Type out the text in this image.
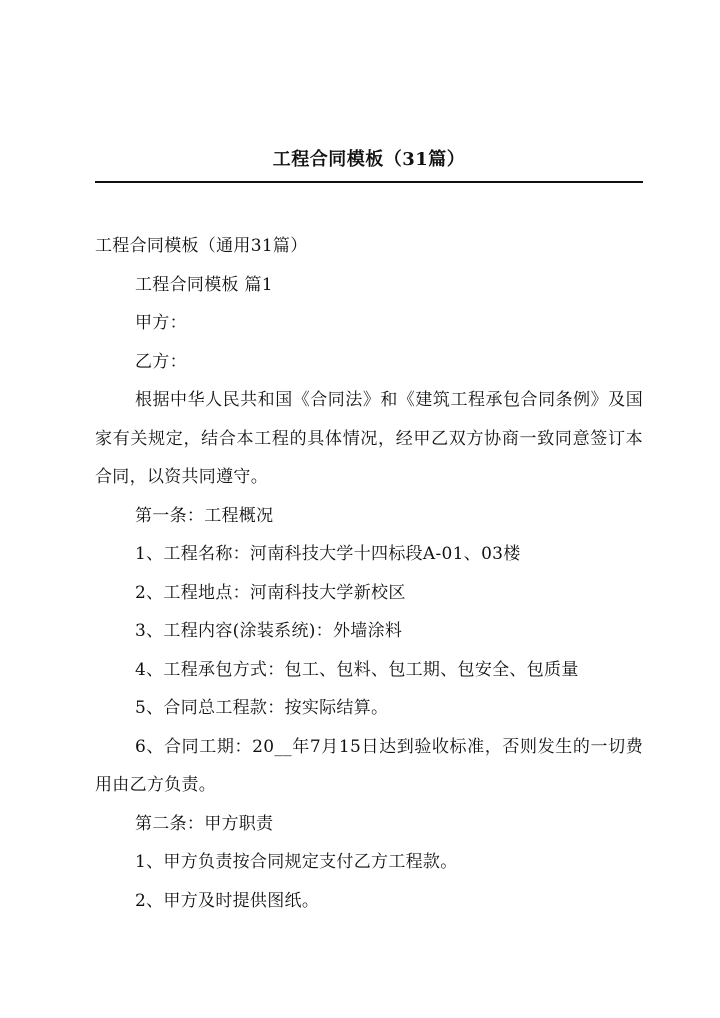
工程合同模板（31篇）

工程合同模板（通用31篇）

工程合同模板 篇1

甲方：

乙方：

根据中华人民共和国《合同法》和《建筑工程承包合同条例》及国家有关规定，结合本工程的具体情况，经甲乙双方协商一致同意签订本合同，以资共同遵守。

第一条：工程概况

1、工程名称：河南科技大学十四标段A-01、03楼

2、工程地点：河南科技大学新校区

3、工程内容(涂装系统)：外墙涂料

4、工程承包方式：包工、包料、包工期、包安全、包质量

5、合同总工程款：按实际结算。

6、合同工期：20__年7月15日达到验收标准，否则发生的一切费用由乙方负责。

第二条：甲方职责

1、甲方负责按合同规定支付乙方工程款。

2、甲方及时提供图纸。
